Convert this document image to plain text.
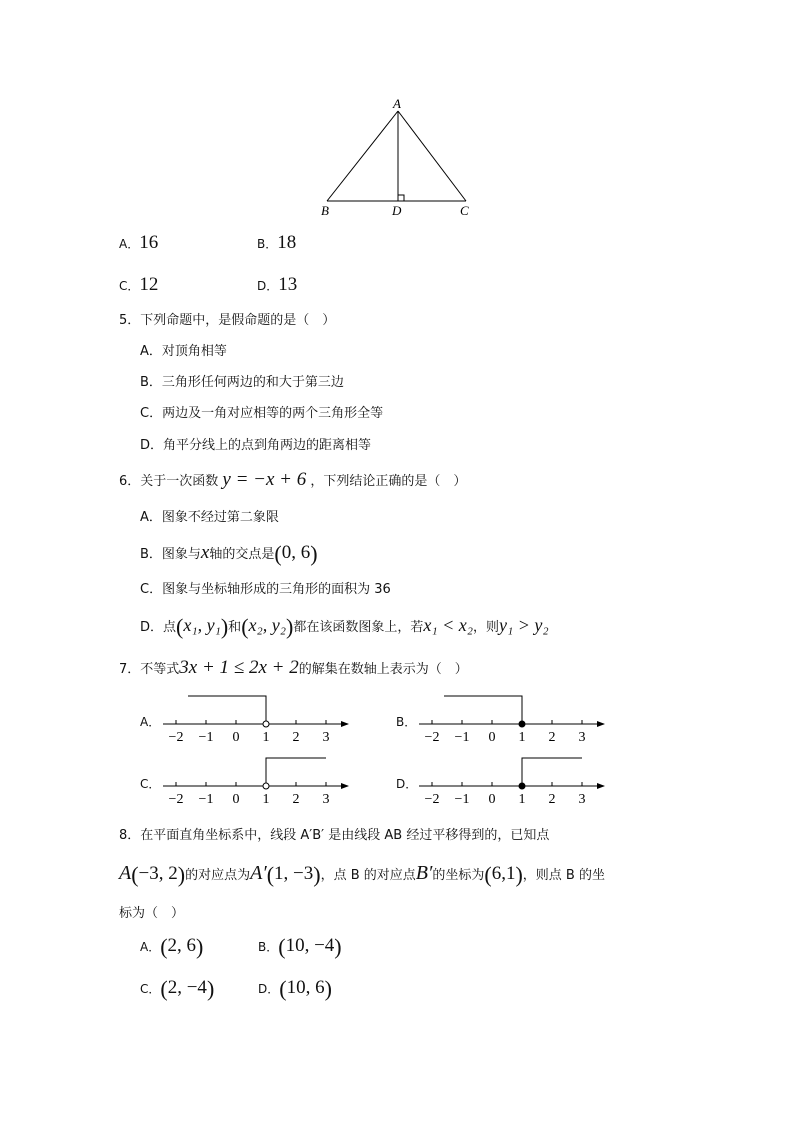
A
B	D	C
A．16	B．18
C．12	D．13
5．下列命题中，是假命题的是（　）
A．对顶角相等
B．三角形任何两边的和大于第三边
C．两边及一角对应相等的两个三角形全等
D．角平分线上的点到角两边的距离相等
6．关于一次函数 y = −x + 6 ，下列结论正确的是（　）
A．图象不经过第二象限
B．图象与x轴的交点是(0, 6)
C．图象与坐标轴形成的三角形的面积为 36
D．点(x₁, y₁)和(x₂, y₂)都在该函数图象上，若x₁ < x₂，则y₁ > y₂
7．不等式3x + 1 ≤ 2x + 2的解集在数轴上表示为（　）
A．	B．
C．	D．
−2 −1 0 1 2 3	−2 −1 0 1 2 3
−2 −1 0 1 2 3	−2 −1 0 1 2 3
8．在平面直角坐标系中，线段 A′B′ 是由线段 AB 经过平移得到的，已知点
A(−3, 2)的对应点为A′(1, −3)，点 B 的对应点B′的坐标为(6,1)，则点 B 的坐
标为（　）
A．(2, 6)	B．(10, −4)
C．(2, −4)	D．(10, 6)
